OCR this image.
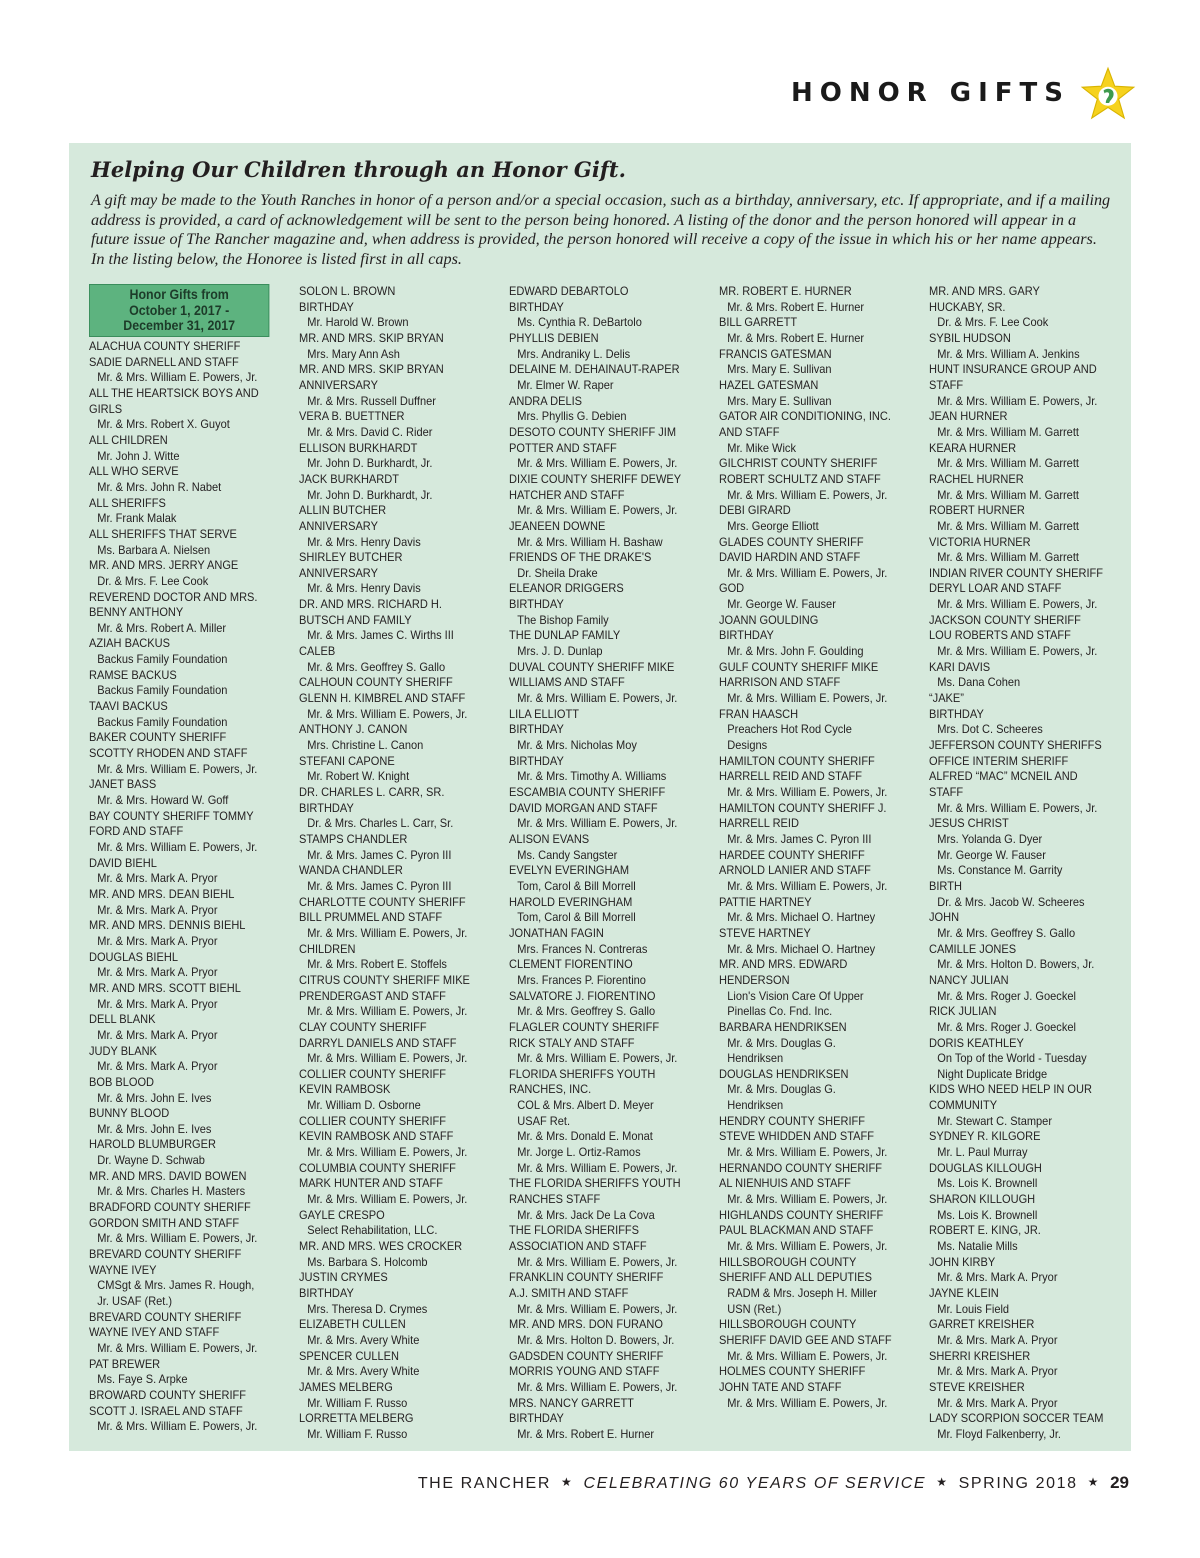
HONOR GIFTS
Helping Our Children through an Honor Gift.

A gift may be made to the Youth Ranches in honor of a person and/or a special occasion, such as a birthday, anniversary, etc. If appropriate, and if a mailing address is provided, a card of acknowledgement will be sent to the person being honored. A listing of the donor and the person honored will appear in a future issue of The Rancher magazine and, when address is provided, the person honored will receive a copy of the issue in which his or her name appears. In the listing below, the Honoree is listed first in all caps.

Honor Gifts from
October 1, 2017 -
December 31, 2017
ALACHUA COUNTY SHERIFF
SADIE DARNELL AND STAFF
Mr. & Mrs. William E. Powers, Jr.
ALL THE HEARTSICK BOYS AND
GIRLS
Mr. & Mrs. Robert X. Guyot
ALL CHILDREN
Mr. John J. Witte
ALL WHO SERVE
Mr. & Mrs. John R. Nabet
ALL SHERIFFS
Mr. Frank Malak
ALL SHERIFFS THAT SERVE
Ms. Barbara A. Nielsen
MR. AND MRS. JERRY ANGE
Dr. & Mrs. F. Lee Cook
REVEREND DOCTOR AND MRS.
BENNY ANTHONY
Mr. & Mrs. Robert A. Miller
AZIAH BACKUS
Backus Family Foundation
RAMSE BACKUS
Backus Family Foundation
TAAVI BACKUS
Backus Family Foundation
BAKER COUNTY SHERIFF
SCOTTY RHODEN AND STAFF
Mr. & Mrs. William E. Powers, Jr.
JANET BASS
Mr. & Mrs. Howard W. Goff
BAY COUNTY SHERIFF TOMMY
FORD AND STAFF
Mr. & Mrs. William E. Powers, Jr.
DAVID BIEHL
Mr. & Mrs. Mark A. Pryor
MR. AND MRS. DEAN BIEHL
Mr. & Mrs. Mark A. Pryor
MR. AND MRS. DENNIS BIEHL
Mr. & Mrs. Mark A. Pryor
DOUGLAS BIEHL
Mr. & Mrs. Mark A. Pryor
MR. AND MRS. SCOTT BIEHL
Mr. & Mrs. Mark A. Pryor
DELL BLANK
Mr. & Mrs. Mark A. Pryor
JUDY BLANK
Mr. & Mrs. Mark A. Pryor
BOB BLOOD
Mr. & Mrs. John E. Ives
BUNNY BLOOD
Mr. & Mrs. John E. Ives
HAROLD BLUMBURGER
Dr. Wayne D. Schwab
MR. AND MRS. DAVID BOWEN
Mr. & Mrs. Charles H. Masters
BRADFORD COUNTY SHERIFF
GORDON SMITH AND STAFF
Mr. & Mrs. William E. Powers, Jr.
BREVARD COUNTY SHERIFF
WAYNE IVEY
CMSgt & Mrs. James R. Hough,
Jr. USAF (Ret.)
BREVARD COUNTY SHERIFF
WAYNE IVEY AND STAFF
Mr. & Mrs. William E. Powers, Jr.
PAT BREWER
Ms. Faye S. Arpke
BROWARD COUNTY SHERIFF
SCOTT J. ISRAEL AND STAFF
Mr. & Mrs. William E. Powers, Jr.
SOLON L. BROWN
BIRTHDAY
Mr. Harold W. Brown
MR. AND MRS. SKIP BRYAN
Mrs. Mary Ann Ash
MR. AND MRS. SKIP BRYAN
ANNIVERSARY
Mr. & Mrs. Russell Duffner
VERA B. BUETTNER
Mr. & Mrs. David C. Rider
ELLISON BURKHARDT
Mr. John D. Burkhardt, Jr.
JACK BURKHARDT
Mr. John D. Burkhardt, Jr.
ALLIN BUTCHER
ANNIVERSARY
Mr. & Mrs. Henry Davis
SHIRLEY BUTCHER
ANNIVERSARY
Mr. & Mrs. Henry Davis
DR. AND MRS. RICHARD H.
BUTSCH AND FAMILY
Mr. & Mrs. James C. Wirths III
CALEB
Mr. & Mrs. Geoffrey S. Gallo
CALHOUN COUNTY SHERIFF
GLENN H. KIMBREL AND STAFF
Mr. & Mrs. William E. Powers, Jr.
ANTHONY J. CANON
Mrs. Christine L. Canon
STEFANI CAPONE
Mr. Robert W. Knight
DR. CHARLES L. CARR, SR.
BIRTHDAY
Dr. & Mrs. Charles L. Carr, Sr.
STAMPS CHANDLER
Mr. & Mrs. James C. Pyron III
WANDA CHANDLER
Mr. & Mrs. James C. Pyron III
CHARLOTTE COUNTY SHERIFF
BILL PRUMMEL AND STAFF
Mr. & Mrs. William E. Powers, Jr.
CHILDREN
Mr. & Mrs. Robert E. Stoffels
CITRUS COUNTY SHERIFF MIKE
PRENDERGAST AND STAFF
Mr. & Mrs. William E. Powers, Jr.
CLAY COUNTY SHERIFF
DARRYL DANIELS AND STAFF
Mr. & Mrs. William E. Powers, Jr.
COLLIER COUNTY SHERIFF
KEVIN RAMBOSK
Mr. William D. Osborne
COLLIER COUNTY SHERIFF
KEVIN RAMBOSK AND STAFF
Mr. & Mrs. William E. Powers, Jr.
COLUMBIA COUNTY SHERIFF
MARK HUNTER AND STAFF
Mr. & Mrs. William E. Powers, Jr.
GAYLE CRESPO
Select Rehabilitation, LLC.
MR. AND MRS. WES CROCKER
Ms. Barbara S. Holcomb
JUSTIN CRYMES
BIRTHDAY
Mrs. Theresa D. Crymes
ELIZABETH CULLEN
Mr. & Mrs. Avery White
SPENCER CULLEN
Mr. & Mrs. Avery White
JAMES MELBERG
Mr. William F. Russo
LORRETTA MELBERG
Mr. William F. Russo
EDWARD DEBARTOLO
BIRTHDAY
Ms. Cynthia R. DeBartolo
PHYLLIS DEBIEN
Mrs. Andraniky L. Delis
DELAINE M. DEHAINAUT-RAPER
Mr. Elmer W. Raper
ANDRA DELIS
Mrs. Phyllis G. Debien
DESOTO COUNTY SHERIFF JIM
POTTER AND STAFF
Mr. & Mrs. William E. Powers, Jr.
DIXIE COUNTY SHERIFF DEWEY
HATCHER AND STAFF
Mr. & Mrs. William E. Powers, Jr.
JEANEEN DOWNE
Mr. & Mrs. William H. Bashaw
FRIENDS OF THE DRAKE'S
Dr. Sheila Drake
ELEANOR DRIGGERS
BIRTHDAY
The Bishop Family
THE DUNLAP FAMILY
Mrs. J. D. Dunlap
DUVAL COUNTY SHERIFF MIKE
WILLIAMS AND STAFF
Mr. & Mrs. William E. Powers, Jr.
LILA ELLIOTT
BIRTHDAY
Mr. & Mrs. Nicholas Moy
BIRTHDAY
Mr. & Mrs. Timothy A. Williams
ESCAMBIA COUNTY SHERIFF
DAVID MORGAN AND STAFF
Mr. & Mrs. William E. Powers, Jr.
ALISON EVANS
Ms. Candy Sangster
EVELYN EVERINGHAM
Tom, Carol & Bill Morrell
HAROLD EVERINGHAM
Tom, Carol & Bill Morrell
JONATHAN FAGIN
Mrs. Frances N. Contreras
CLEMENT FIORENTINO
Mrs. Frances P. Fiorentino
SALVATORE J. FIORENTINO
Mr. & Mrs. Geoffrey S. Gallo
FLAGLER COUNTY SHERIFF
RICK STALY AND STAFF
Mr. & Mrs. William E. Powers, Jr.
FLORIDA SHERIFFS YOUTH
RANCHES, INC.
COL & Mrs. Albert D. Meyer
USAF Ret.
Mr. & Mrs. Donald E. Monat
Mr. Jorge L. Ortiz-Ramos
Mr. & Mrs. William E. Powers, Jr.
THE FLORIDA SHERIFFS YOUTH
RANCHES STAFF
Mr. & Mrs. Jack De La Cova
THE FLORIDA SHERIFFS
ASSOCIATION AND STAFF
Mr. & Mrs. William E. Powers, Jr.
FRANKLIN COUNTY SHERIFF
A.J. SMITH AND STAFF
Mr. & Mrs. William E. Powers, Jr.
MR. AND MRS. DON FURANO
Mr. & Mrs. Holton D. Bowers, Jr.
GADSDEN COUNTY SHERIFF
MORRIS YOUNG AND STAFF
Mr. & Mrs. William E. Powers, Jr.
MRS. NANCY GARRETT
BIRTHDAY
Mr. & Mrs. Robert E. Hurner
MR. ROBERT E. HURNER
Mr. & Mrs. Robert E. Hurner
BILL GARRETT
Mr. & Mrs. Robert E. Hurner
FRANCIS GATESMAN
Mrs. Mary E. Sullivan
HAZEL GATESMAN
Mrs. Mary E. Sullivan
GATOR AIR CONDITIONING, INC.
AND STAFF
Mr. Mike Wick
GILCHRIST COUNTY SHERIFF
ROBERT SCHULTZ AND STAFF
Mr. & Mrs. William E. Powers, Jr.
DEBI GIRARD
Mrs. George Elliott
GLADES COUNTY SHERIFF
DAVID HARDIN AND STAFF
Mr. & Mrs. William E. Powers, Jr.
GOD
Mr. George W. Fauser
JOANN GOULDING
BIRTHDAY
Mr. & Mrs. John F. Goulding
GULF COUNTY SHERIFF MIKE
HARRISON AND STAFF
Mr. & Mrs. William E. Powers, Jr.
FRAN HAASCH
Preachers Hot Rod Cycle
Designs
HAMILTON COUNTY SHERIFF
HARRELL REID AND STAFF
Mr. & Mrs. William E. Powers, Jr.
HAMILTON COUNTY SHERIFF J.
HARRELL REID
Mr. & Mrs. James C. Pyron III
HARDEE COUNTY SHERIFF
ARNOLD LANIER AND STAFF
Mr. & Mrs. William E. Powers, Jr.
PATTIE HARTNEY
Mr. & Mrs. Michael O. Hartney
STEVE HARTNEY
Mr. & Mrs. Michael O. Hartney
MR. AND MRS. EDWARD
HENDERSON
Lion's Vision Care Of Upper
Pinellas Co. Fnd. Inc.
BARBARA HENDRIKSEN
Mr. & Mrs. Douglas G.
Hendriksen
DOUGLAS HENDRIKSEN
Mr. & Mrs. Douglas G.
Hendriksen
HENDRY COUNTY SHERIFF
STEVE WHIDDEN AND STAFF
Mr. & Mrs. William E. Powers, Jr.
HERNANDO COUNTY SHERIFF
AL NIENHUIS AND STAFF
Mr. & Mrs. William E. Powers, Jr.
HIGHLANDS COUNTY SHERIFF
PAUL BLACKMAN AND STAFF
Mr. & Mrs. William E. Powers, Jr.
HILLSBOROUGH COUNTY
SHERIFF AND ALL DEPUTIES
RADM & Mrs. Joseph H. Miller
USN (Ret.)
HILLSBOROUGH COUNTY
SHERIFF DAVID GEE AND STAFF
Mr. & Mrs. William E. Powers, Jr.
HOLMES COUNTY SHERIFF
JOHN TATE AND STAFF
Mr. & Mrs. William E. Powers, Jr.
MR. AND MRS. GARY
HUCKABY, SR.
Dr. & Mrs. F. Lee Cook
SYBIL HUDSON
Mr. & Mrs. William A. Jenkins
HUNT INSURANCE GROUP AND
STAFF
Mr. & Mrs. William E. Powers, Jr.
JEAN HURNER
Mr. & Mrs. William M. Garrett
KEARA HURNER
Mr. & Mrs. William M. Garrett
RACHEL HURNER
Mr. & Mrs. William M. Garrett
ROBERT HURNER
Mr. & Mrs. William M. Garrett
VICTORIA HURNER
Mr. & Mrs. William M. Garrett
INDIAN RIVER COUNTY SHERIFF
DERYL LOAR AND STAFF
Mr. & Mrs. William E. Powers, Jr.
JACKSON COUNTY SHERIFF
LOU ROBERTS AND STAFF
Mr. & Mrs. William E. Powers, Jr.
KARI DAVIS
Ms. Dana Cohen
“JAKE”
BIRTHDAY
Mrs. Dot C. Scheeres
JEFFERSON COUNTY SHERIFFS
OFFICE INTERIM SHERIFF
ALFRED “MAC” MCNEIL AND
STAFF
Mr. & Mrs. William E. Powers, Jr.
JESUS CHRIST
Mrs. Yolanda G. Dyer
Mr. George W. Fauser
Ms. Constance M. Garrity
BIRTH
Dr. & Mrs. Jacob W. Scheeres
JOHN
Mr. & Mrs. Geoffrey S. Gallo
CAMILLE JONES
Mr. & Mrs. Holton D. Bowers, Jr.
NANCY JULIAN
Mr. & Mrs. Roger J. Goeckel
RICK JULIAN
Mr. & Mrs. Roger J. Goeckel
DORIS KEATHLEY
On Top of the World - Tuesday
Night Duplicate Bridge
KIDS WHO NEED HELP IN OUR
COMMUNITY
Mr. Stewart C. Stamper
SYDNEY R. KILGORE
Mr. L. Paul Murray
DOUGLAS KILLOUGH
Ms. Lois K. Brownell
SHARON KILLOUGH
Ms. Lois K. Brownell
ROBERT E. KING, JR.
Ms. Natalie Mills
JOHN KIRBY
Mr. & Mrs. Mark A. Pryor
JAYNE KLEIN
Mr. Louis Field
GARRET KREISHER
Mr. & Mrs. Mark A. Pryor
SHERRI KREISHER
Mr. & Mrs. Mark A. Pryor
STEVE KREISHER
Mr. & Mrs. Mark A. Pryor
LADY SCORPION SOCCER TEAM
Mr. Floyd Falkenberry, Jr.
THE RANCHER ★ CELEBRATING 60 YEARS OF SERVICE ★ SPRING 2018 ★ 29
